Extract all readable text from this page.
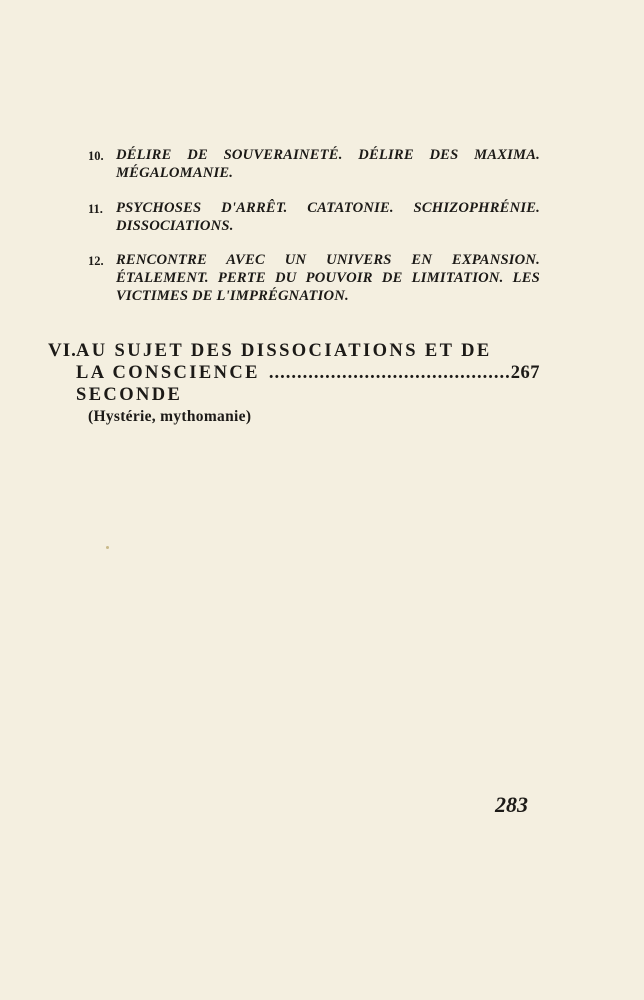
10. DÉLIRE DE SOUVERAINETÉ. DÉLIRE DES MAXIMA. MÉGALOMANIE.
11. PSYCHOSES D'ARRÊT. CATATONIE. SCHIZOPHRÉNIE. DISSOCIATIONS.
12. RENCONTRE AVEC UN UNIVERS EN EXPANSION. ÉTALEMENT. PERTE DU POUVOIR DE LIMITATION. LES VICTIMES DE L'IMPRÉGNATION.
VI. AU SUJET DES DISSOCIATIONS ET DE
LA CONSCIENCE SECONDE
........................................... 267
(Hystérie, mythomanie)
283
